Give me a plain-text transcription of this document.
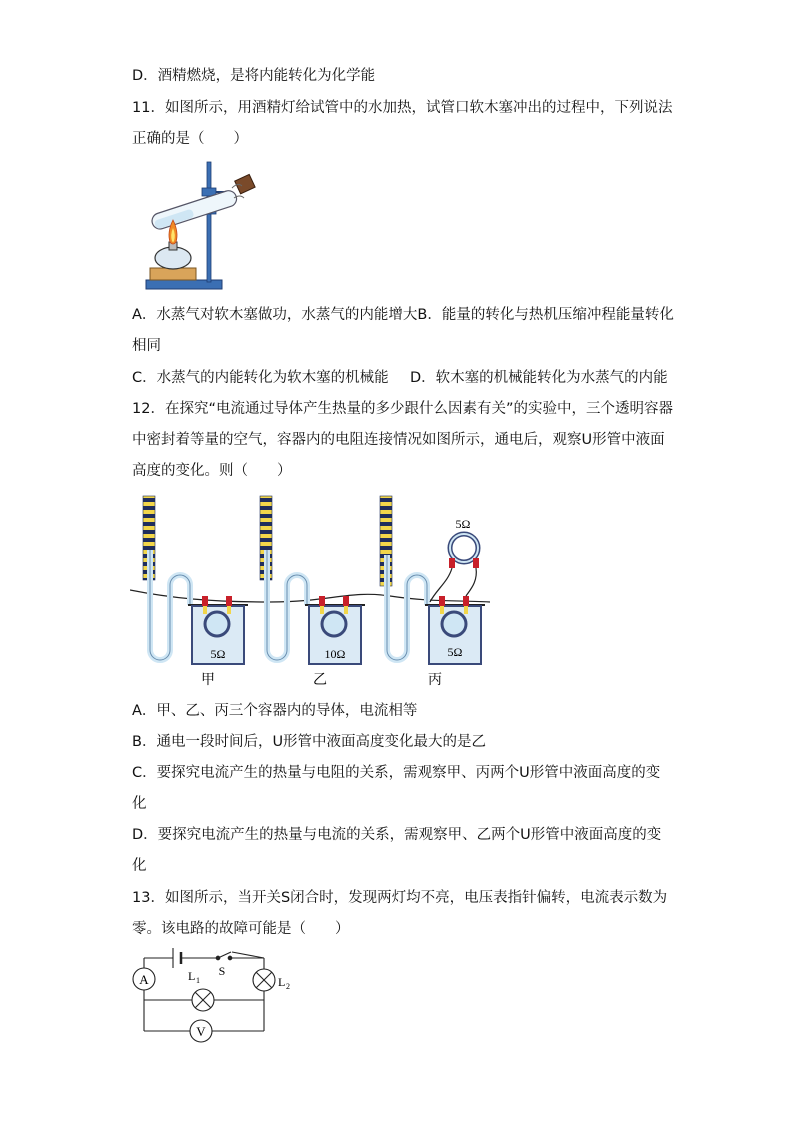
D．酒精燃烧，是将内能转化为化学能
11．如图所示，用酒精灯给试管中的水加热，试管口软木塞冲出的过程中，下列说法
正确的是（　　）
A．水蒸气对软木塞做功，水蒸气的内能增大B．能量的转化与热机压缩冲程能量转化
相同
C．水蒸气的内能转化为软木塞的机械能 D．软木塞的机械能转化为水蒸气的内能
12．在探究“电流通过导体产生热量的多少跟什么因素有关”的实验中，三个透明容器
中密封着等量的空气，容器内的电阻连接情况如图所示，通电后，观察U形管中液面
高度的变化。则（　　）
5Ω
甲
10Ω
乙
5Ω
丙
5Ω
A．甲、乙、丙三个容器内的导体，电流相等
B．通电一段时间后，U形管中液面高度变化最大的是乙
C．要探究电流产生的热量与电阻的关系，需观察甲、丙两个U形管中液面高度的变
化
D．要探究电流产生的热量与电流的关系，需观察甲、乙两个U形管中液面高度的变
化
13．如图所示，当开关S闭合时，发现两灯均不亮，电压表指针偏转，电流表示数为
零。该电路的故障可能是（　　）
A
V
S
L 1	L 2
